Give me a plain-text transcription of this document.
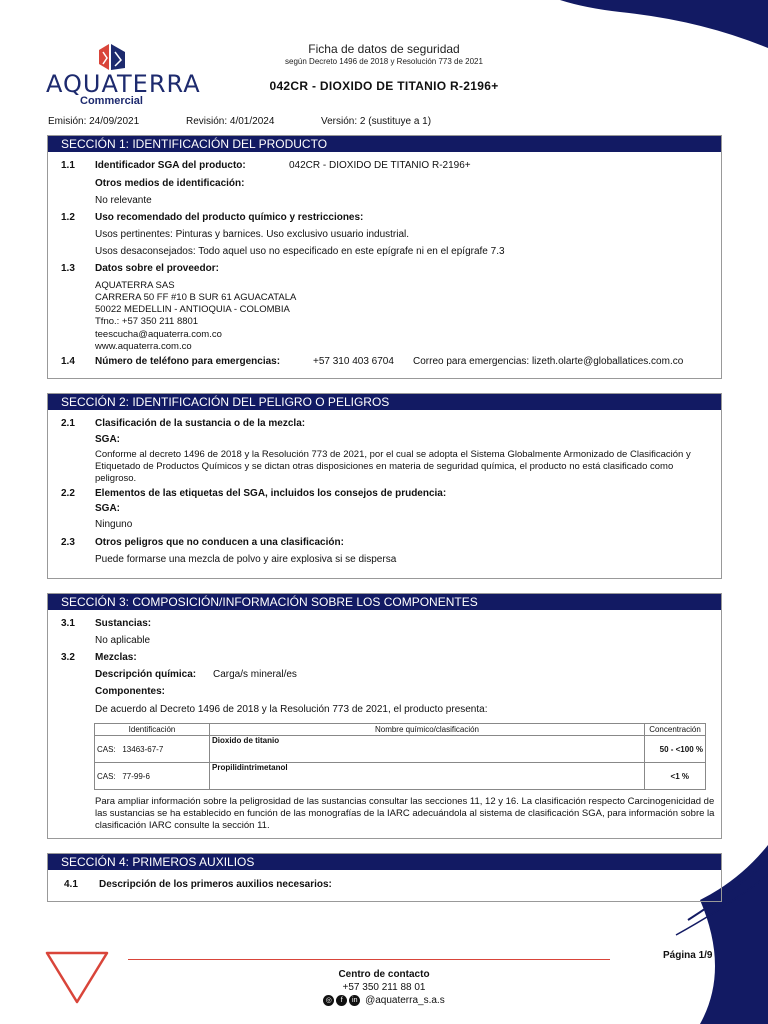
AQUATERRA
Commercial
Ficha de datos de seguridad
según Decreto 1496 de 2018 y Resolución 773 de 2021
042CR - DIOXIDO DE TITANIO R-2196+
Emisión: 24/09/2021	Revisión: 4/01/2024	Versión: 2 (sustituye a 1)
SECCIÓN 1: IDENTIFICACIÓN DEL PRODUCTO
1.1 Identificador SGA del producto:	042CR - DIOXIDO DE TITANIO R-2196+
Otros medios de identificación:
No relevante
1.2 Uso recomendado del producto químico y restricciones:
Usos pertinentes: Pinturas y barnices. Uso exclusivo usuario industrial.
Usos desaconsejados: Todo aquel uso no especificado en este epígrafe ni en el epígrafe 7.3
1.3 Datos sobre el proveedor:
AQUATERRA SAS
CARRERA 50 FF #10 B SUR 61 AGUACATALA
50022 MEDELLIN - ANTIOQUIA - COLOMBIA
Tfno.: +57 350 211 8801
teescucha@aquaterra.com.co
www.aquaterra.com.co
1.4 Número de teléfono para emergencias:	+57 310 403 6704 Correo para emergencias: lizeth.olarte@globallatices.com.co
SECCIÓN 2: IDENTIFICACIÓN DEL PELIGRO O PELIGROS
2.1 Clasificación de la sustancia o de la mezcla:
SGA:
Conforme al decreto 1496 de 2018 y la Resolución 773 de 2021, por el cual se adopta el Sistema Globalmente Armonizado de Clasificación y Etiquetado de Productos Químicos y se dictan otras disposiciones en materia de seguridad química, el producto no está clasificado como peligroso.
2.2 Elementos de las etiquetas del SGA, incluidos los consejos de prudencia:
SGA:
Ninguno
2.3 Otros peligros que no conducen a una clasificación:
Puede formarse una mezcla de polvo y aire explosiva si se dispersa
SECCIÓN 3: COMPOSICIÓN/INFORMACIÓN SOBRE LOS COMPONENTES
3.1 Sustancias:
No aplicable
3.2 Mezclas:
Descripción química: Carga/s mineral/es
Componentes:
De acuerdo al Decreto 1496 de 2018 y la Resolución 773 de 2021, el producto presenta:
Identificación	Nombre químico/clasificación	Concentración
CAS: 13463-67-7	Dioxido de titanio	50 - <100 %
CAS: 77-99-6	Propilidintrimetanol	<1 %
Para ampliar información sobre la peligrosidad de las sustancias consultar las secciones 11, 12 y 16. La clasificación respecto Carcinogenicidad de las sustancias se ha establecido en función de las monografías de la IARC adecuándola al sistema de clasificación SGA, para información sobre la clasificación IARC consulte la sección 11.
SECCIÓN 4: PRIMEROS AUXILIOS
4.1 Descripción de los primeros auxilios necesarios:
Página 1/9
Centro de contacto
+57 350 211 88 01
◎ f in @aquaterra_s.a.s
